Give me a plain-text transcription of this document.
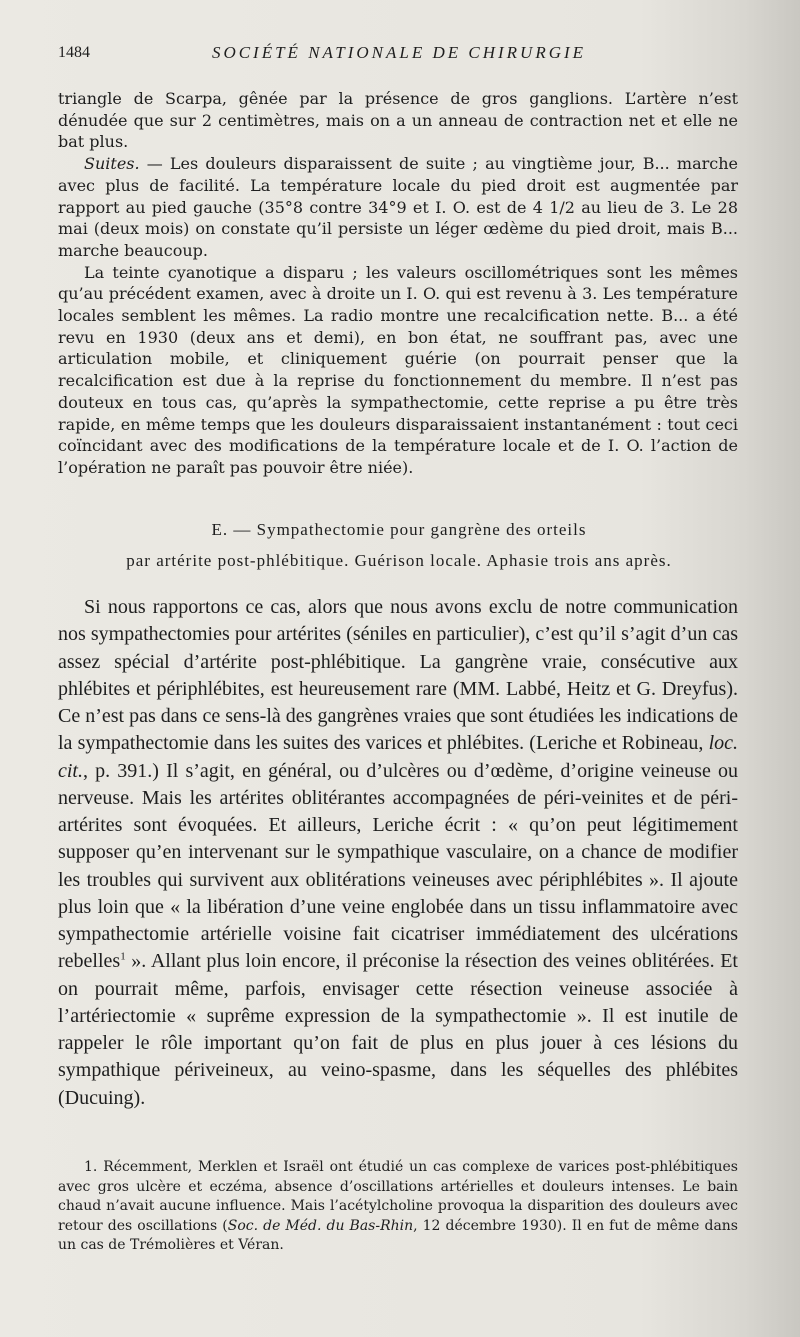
1484	SOCIÉTÉ NATIONALE DE CHIRURGIE

triangle de Scarpa, gênée par la présence de gros ganglions. L’artère n’est dénudée que sur 2 centimètres, mais on a un anneau de contraction net et elle ne bat plus.

Suites. — Les douleurs disparaissent de suite ; au vingtième jour, B... marche avec plus de facilité. La température locale du pied droit est augmentée par rapport au pied gauche (35°8 contre 34°9 et I. O. est de 4 1/2 au lieu de 3. Le 28 mai (deux mois) on constate qu’il persiste un léger œdème du pied droit, mais B... marche beaucoup.

La teinte cyanotique a disparu ; les valeurs oscillométriques sont les mêmes qu’au précédent examen, avec à droite un I. O. qui est revenu à 3. Les température locales semblent les mêmes. La radio montre une recalcification nette. B... a été revu en 1930 (deux ans et demi), en bon état, ne souffrant pas, avec une articulation mobile, et cliniquement guérie (on pourrait penser que la recalcification est due à la reprise du fonctionnement du membre. Il n’est pas douteux en tous cas, qu’après la sympathectomie, cette reprise a pu être très rapide, en même temps que les douleurs disparaissaient instantanément : tout ceci coïncidant avec des modifications de la température locale et de I. O. l’action de l’opération ne paraît pas pouvoir être niée).

E. — Sympathectomie pour gangrène des orteils
par artérite post-phlébitique. Guérison locale. Aphasie trois ans après.
Si nous rapportons ce cas, alors que nous avons exclu de notre communication nos sympathectomies pour artérites (séniles en particulier), c’est qu’il s’agit d’un cas assez spécial d’artérite post-phlébitique. La gangrène vraie, consécutive aux phlébites et périphlébites, est heureusement rare (MM. Labbé, Heitz et G. Dreyfus). Ce n’est pas dans ce sens-là des gangrènes vraies que sont étudiées les indications de la sympathectomie dans les suites des varices et phlébites. (Leriche et Robineau, loc. cit., p. 391.) Il s’agit, en général, ou d’ulcères ou d’œdème, d’origine veineuse ou nerveuse. Mais les artérites oblitérantes accompagnées de péri-veinites et de péri-artérites sont évoquées. Et ailleurs, Leriche écrit : « qu’on peut légitimement supposer qu’en intervenant sur le sympathique vasculaire, on a chance de modifier les troubles qui survivent aux oblitérations veineuses avec périphlébites ». Il ajoute plus loin que « la libération d’une veine englobée dans un tissu inflammatoire avec sympathectomie artérielle voisine fait cicatriser immédiatement des ulcérations rebelles$^1$ ». Allant plus loin encore, il préconise la résection des veines oblitérées. Et on pourrait même, parfois, envisager cette résection veineuse associée à l’artériectomie « suprême expression de la sympathectomie ». Il est inutile de rappeler le rôle important qu’on fait de plus en plus jouer à ces lésions du sympathique périveineux, au veino-spasme, dans les séquelles des phlébites (Ducuing).
1. Récemment, Merklen et Israël ont étudié un cas complexe de varices post-phlébitiques avec gros ulcère et eczéma, absence d’oscillations artérielles et douleurs intenses. Le bain chaud n’avait aucune influence. Mais l’acétylcholine provoqua la disparition des douleurs avec retour des oscillations (Soc. de Méd. du Bas-Rhin, 12 décembre 1930). Il en fut de même dans un cas de Trémolières et Véran.
